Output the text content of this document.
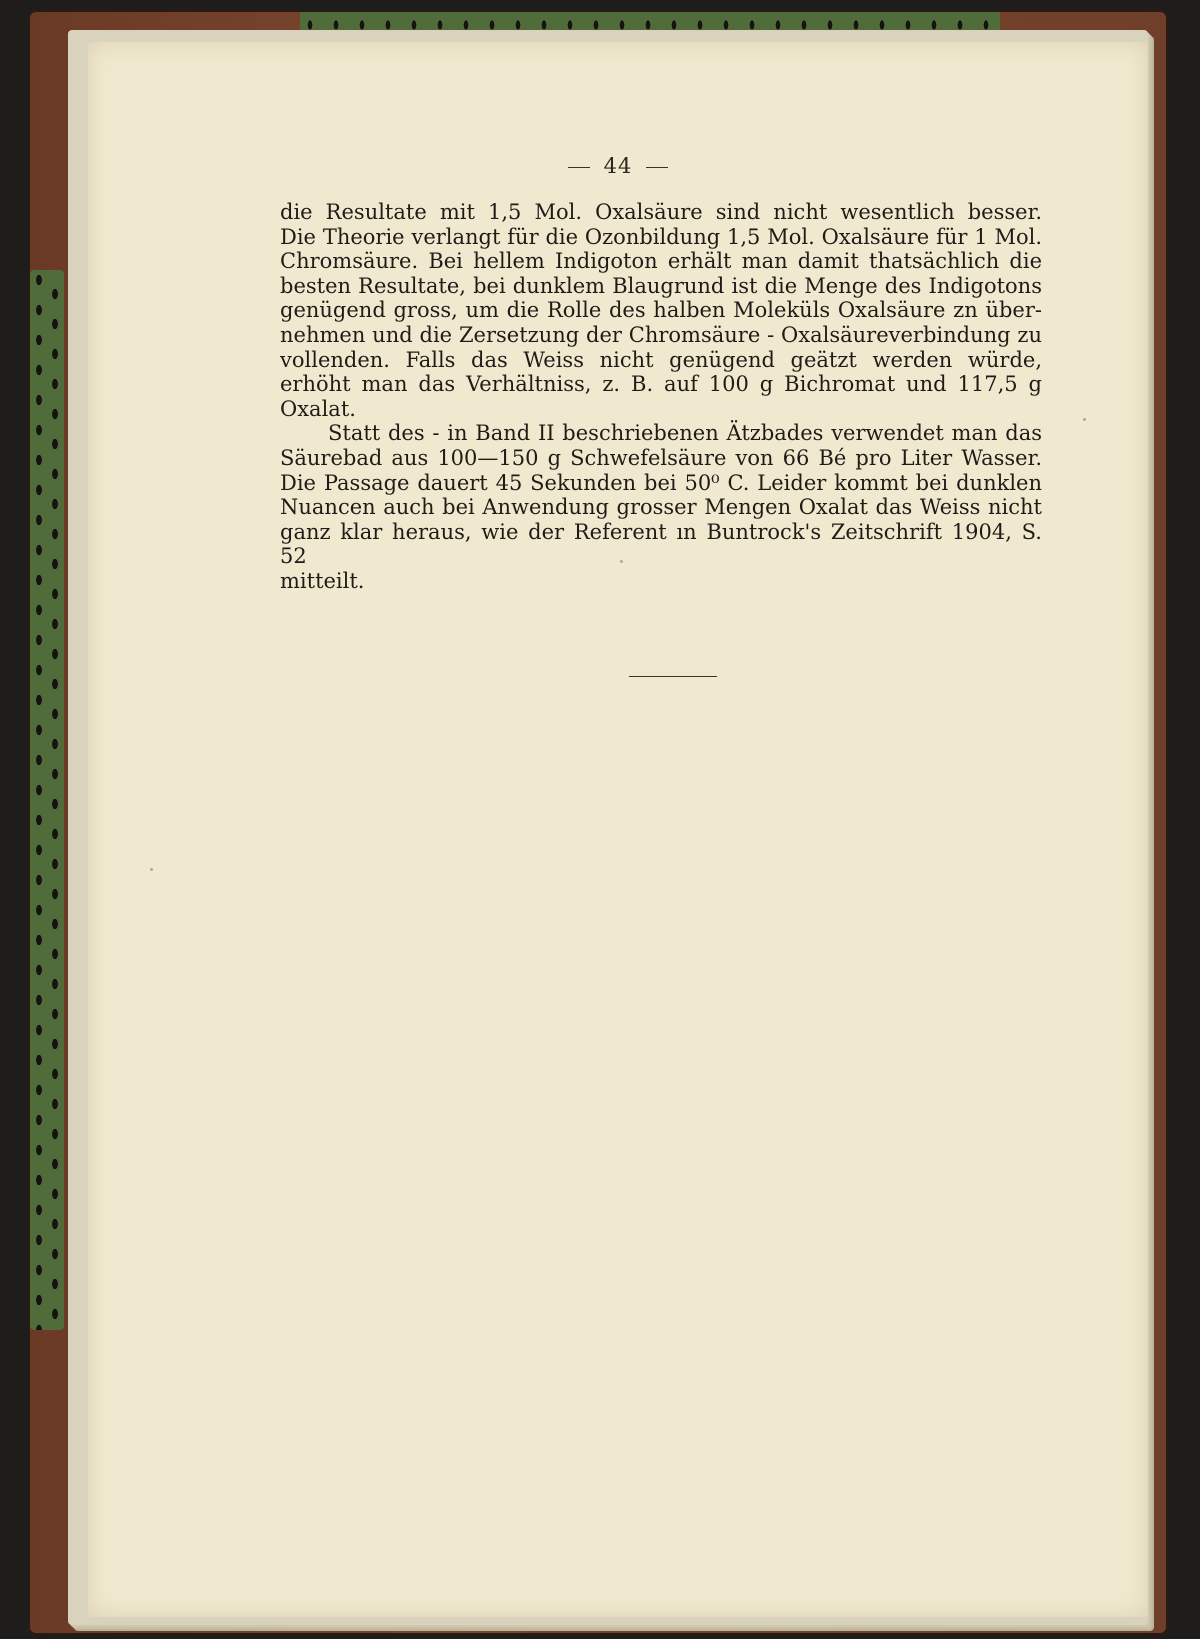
44

die Resultate mit 1,5 Mol. Oxalsäure sind nicht wesentlich besser.

Die Theorie verlangt für die Ozonbildung 1,5 Mol. Oxalsäure für 1 Mol.

Chromsäure. Bei hellem Indigoton erhält man damit thatsächlich die

besten Resultate, bei dunklem Blaugrund ist die Menge des Indigotons

genügend gross, um die Rolle des halben Moleküls Oxalsäure zn über-

nehmen und die Zersetzung der Chromsäure - Oxalsäureverbindung zu

vollenden. Falls das Weiss nicht genügend geätzt werden würde,

erhöht man das Verhältniss, z. B. auf 100 g Bichromat und 117,5 g

Oxalat.

Statt des - in Band II beschriebenen Ätzbades verwendet man das

Säurebad aus 100—150 g Schwefelsäure von 66 Bé pro Liter Wasser.

Die Passage dauert 45 Sekunden bei 50⁰ C. Leider kommt bei dunklen

Nuancen auch bei Anwendung grosser Mengen Oxalat das Weiss nicht

ganz klar heraus, wie der Referent ın Buntrock's Zeitschrift 1904, S. 52

mitteilt.
